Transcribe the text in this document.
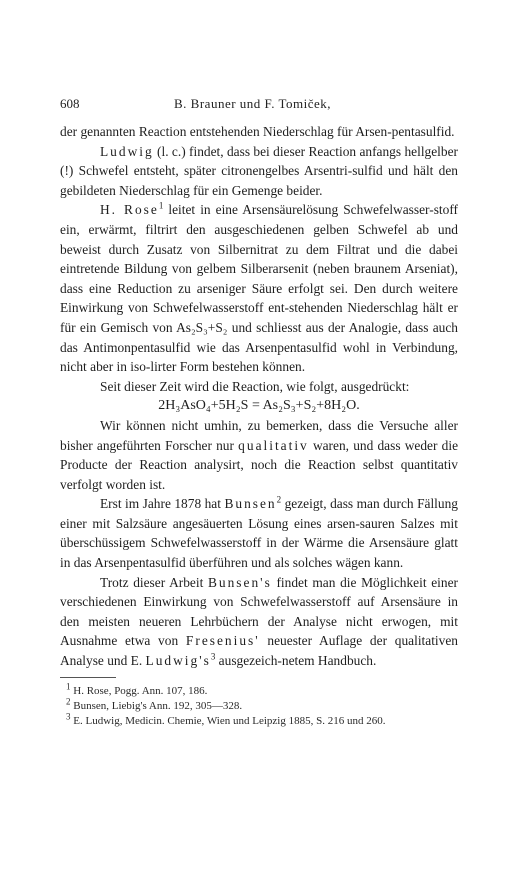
608	B. Brauner und F. Tomiček,

der genannten Reaction entstehenden Niederschlag für Arsen-pentasulfid.

Ludwig (l. c.) findet, dass bei dieser Reaction anfangs hellgelber (!) Schwefel entsteht, später citronengelbes Arsentri-sulfid und hält den gebildeten Niederschlag für ein Gemenge beider.

H. Rose$^1$ leitet in eine Arsensäurelösung Schwefelwasser-stoff ein, erwärmt, filtrirt den ausgeschiedenen gelben Schwefel ab und beweist durch Zusatz von Silbernitrat zu dem Filtrat und die dabei eintretende Bildung von gelbem Silberarsenit (neben braunem Arseniat), dass eine Reduction zu arseniger Säure erfolgt sei. Den durch weitere Einwirkung von Schwefelwasserstoff ent-stehenden Niederschlag hält er für ein Gemisch von As₂S₃+S₂ und schliesst aus der Analogie, dass auch das Antimonpentasulfid wie das Arsenpentasulfid wohl in Verbindung, nicht aber in iso-lirter Form bestehen können.

Seit dieser Zeit wird die Reaction, wie folgt, ausgedrückt:

2H₃AsO₄+5H₂S = As₂S₃+S₂+8H₂O.

Wir können nicht umhin, zu bemerken, dass die Versuche aller bisher angeführten Forscher nur qualitativ waren, und dass weder die Producte der Reaction analysirt, noch die Reaction selbst quantitativ verfolgt worden ist.

Erst im Jahre 1878 hat Bunsen$^2$ gezeigt, dass man durch Fällung einer mit Salzsäure angesäuerten Lösung eines arsen-sauren Salzes mit überschüssigem Schwefelwasserstoff in der Wärme die Arsensäure glatt in das Arsenpentasulfid überführen und als solches wägen kann.

Trotz dieser Arbeit Bunsen's findet man die Möglichkeit einer verschiedenen Einwirkung von Schwefelwasserstoff auf Arsensäure in den meisten neueren Lehrbüchern der Analyse nicht erwogen, mit Ausnahme etwa von Fresenius' neuester Auflage der qualitativen Analyse und E. $Ludwig's^3$ ausgezeich-netem Handbuch.

$^1$ H. Rose, Pogg. Ann. 107, 186.

$^2$ Bunsen, Liebig's Ann. 192, 305—328.

$^3$ E. Ludwig, Medicin. Chemie, Wien und Leipzig 1885, S. 216 und 260.
